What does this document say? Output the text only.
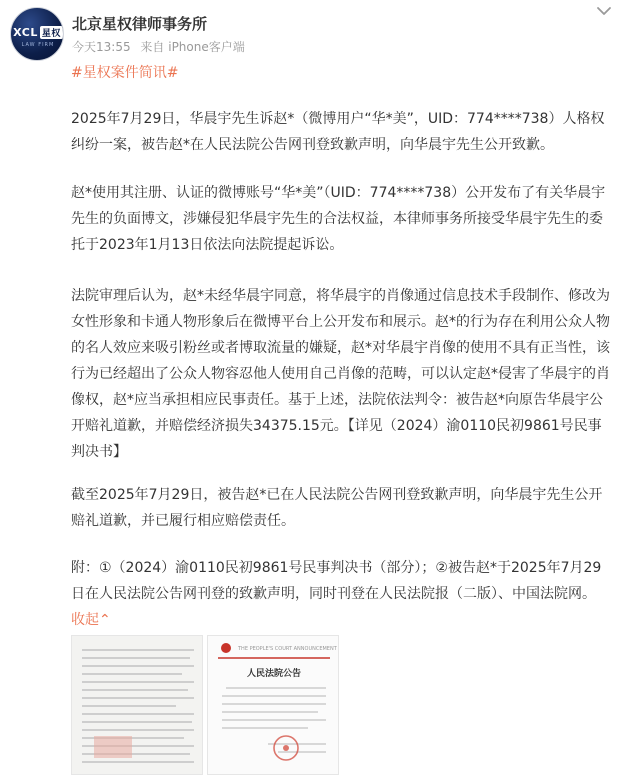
XCL 星权
LAW FIRM
北京星权律师事务所
今天13:55 来自 iPhone客户端
#星权案件简讯#
2025年7月29日，华晨宇先生诉赵*（微博用户“华*美”，UID：774****738）人格权纠纷一案，被告赵*在人民法院公告网刊登致歉声明，向华晨宇先生公开致歉。
赵*使用其注册、认证的微博账号“华*美”（UID：774****738）公开发布了有关华晨宇先生的负面博文，涉嫌侵犯华晨宇先生的合法权益，本律师事务所接受华晨宇先生的委托于2023年1月13日依法向法院提起诉讼。
法院审理后认为，赵*未经华晨宇同意，将华晨宇的肖像通过信息技术手段制作、修改为女性形象和卡通人物形象后在微博平台上公开发布和展示。赵*的行为存在利用公众人物的名人效应来吸引粉丝或者博取流量的嫌疑，赵*对华晨宇肖像的使用不具有正当性，该行为已经超出了公众人物容忍他人使用自己肖像的范畴，可以认定赵*侵害了华晨宇的肖像权，赵*应当承担相应民事责任。基于上述，法院依法判令：被告赵*向原告华晨宇公开赔礼道歉，并赔偿经济损失34375.15元。【详见（2024）渝0110民初9861号民事判决书】
截至2025年7月29日，被告赵*已在人民法院公告网刊登致歉声明，向华晨宇先生公开赔礼道歉，并已履行相应赔偿责任。
附：①（2024）渝0110民初9861号民事判决书（部分）；②被告赵*于2025年7月29日在人民法院公告网刊登的致歉声明，同时刊登在人民法院报（二版）、中国法院网。 收起⌃
THE PEOPLE'S COURT ANNOUNCEMENT
人民法院公告
